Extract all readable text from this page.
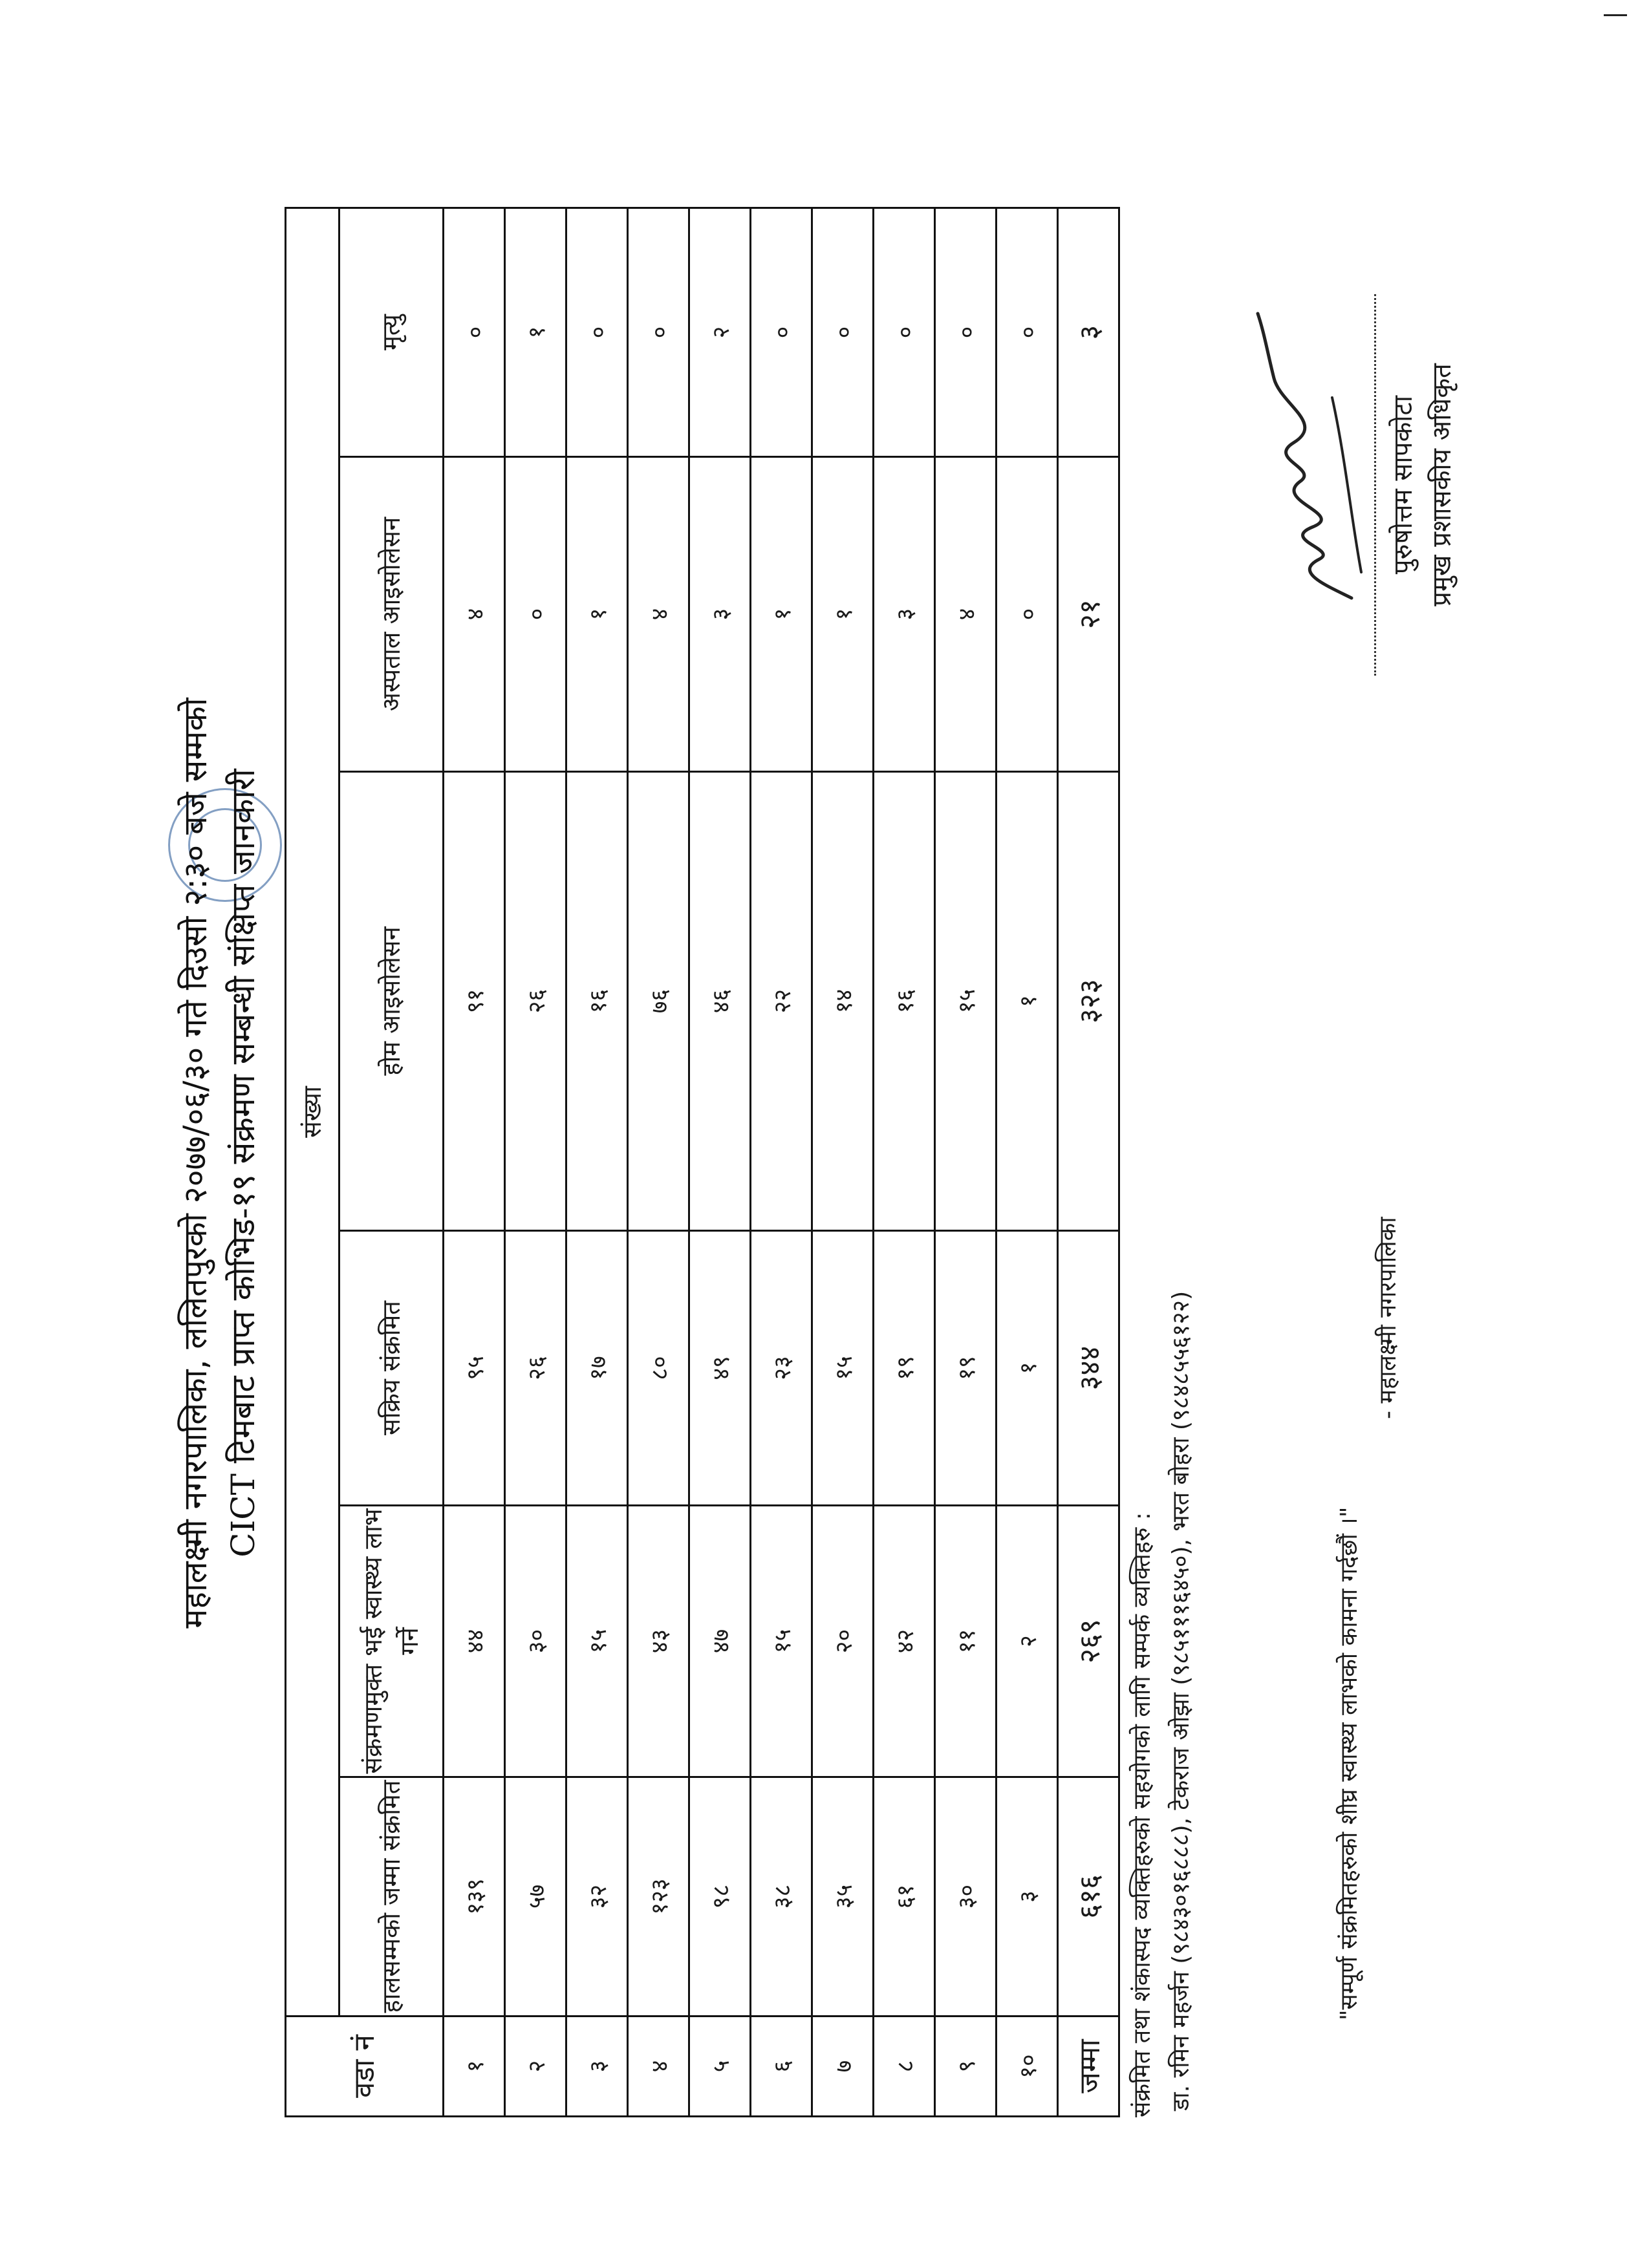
महालक्ष्मी नगरपालिका, ललितपुरको २०७७/०६/३० गते दिउसो २:३० बजे सम्मको CICT टिमबाट प्राप्त कोभिड-१९ संक्रमण सम्बन्धी संक्षिप्त जानकारी
वडा नं	संख्या					
	हालसम्मको जम्मा संक्रमित	संक्रमणमुक्त भई स्वास्थ्य लाभ गर्ने	सक्रिय संक्रमित	होम आइसोलेसन	अस्पताल आइसोलेसन	मृत्यु
१	१३९	४४	९५	९१	४	०
२	५७	३०	२६	२६	०	१
३	३२	१५	१७	१६	१	०
४	१२३	४३	८०	७६	४	०
५	९८	४७	४९	४६	३	२
६	३८	१५	२३	२२	१	०
७	३५	२०	१५	१४	१	०
८	६१	४२	१९	१६	३	०
९	३०	११	१९	१५	४	०
१०	३	२	१	१	०	०
जम्मा	६१६	२६९	३४४	३२३	२१	३
संक्रमित तथा शंकास्पद व्यक्तिहरुको सहयोगको लागि सम्पर्क व्यक्तिहरु : डा. रमिन महर्जन (९८४३०१६८८८), टेकराज ओझा (९८५१११६४५०), भरत बोहरा (९८४८५५६१२२)	"सम्पूर्ण संक्रमितहरुको शीघ्र स्वास्थ्य लाभको कामना गर्दछौं ।"
- महालक्ष्मी नगरपालिका
पुरुषोत्तम सापकोटा प्रमुख प्रशासकीय अधिकृत
